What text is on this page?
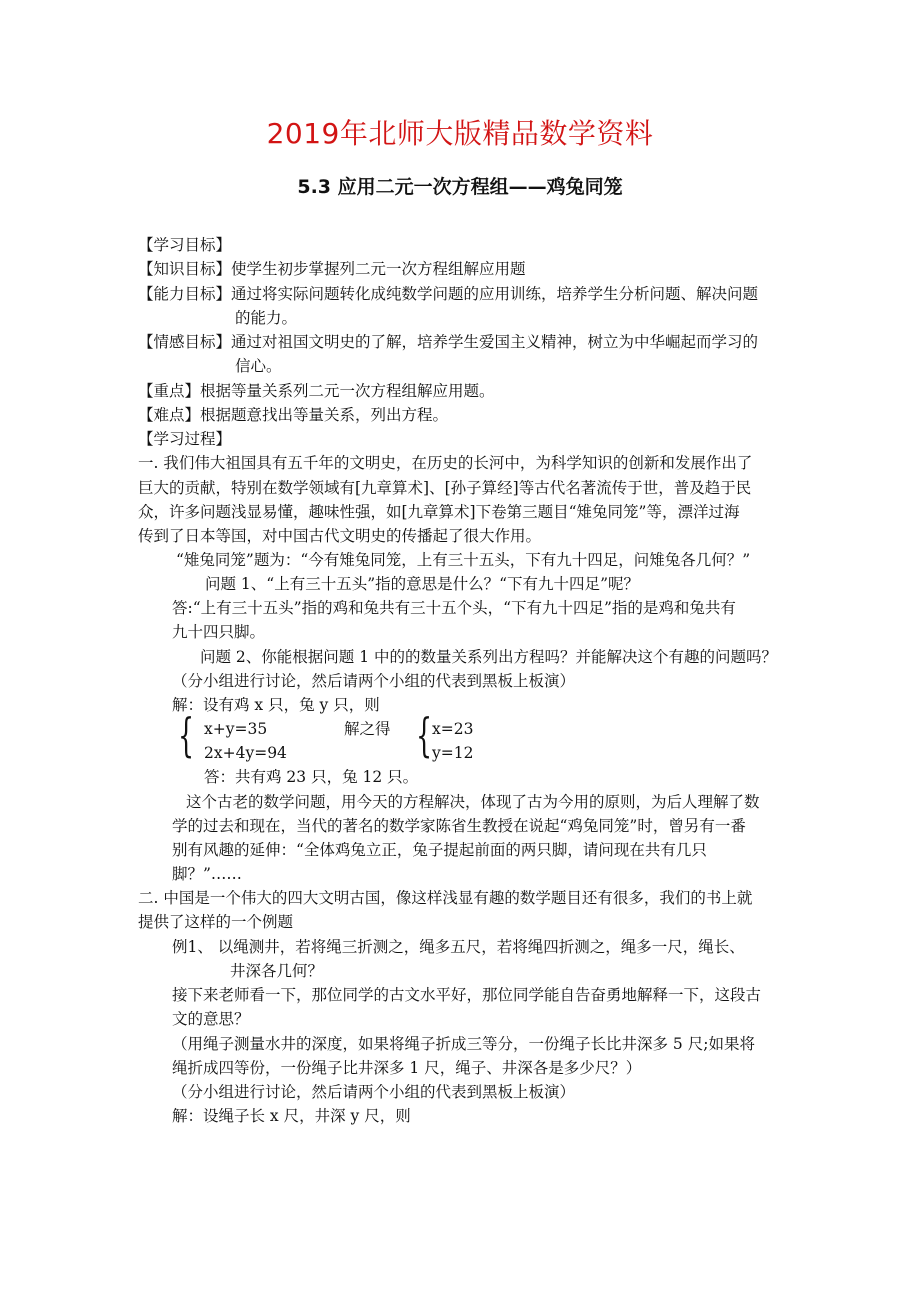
2019年北师大版精品数学资料
5.3 应用二元一次方程组——鸡兔同笼
【学习目标】
【知识目标】使学生初步掌握列二元一次方程组解应用题
【能力目标】通过将实际问题转化成纯数学问题的应用训练，培养学生分析问题、解决问题
的能力。
【情感目标】通过对祖国文明史的了解，培养学生爱国主义精神，树立为中华崛起而学习的
信心。
【重点】根据等量关系列二元一次方程组解应用题。
【难点】根据题意找出等量关系，列出方程。
【学习过程】
一. 我们伟大祖国具有五千年的文明史，在历史的长河中，为科学知识的创新和发展作出了
巨大的贡献，特别在数学领域有[九章算术]、[孙子算经]等古代名著流传于世，普及趋于民
众，许多问题浅显易懂，趣味性强，如[九章算术]下卷第三题目“雉兔同笼”等，漂洋过海
传到了日本等国，对中国古代文明史的传播起了很大作用。
“雉兔同笼”题为：“今有雉兔同笼，上有三十五头，下有九十四足，问雉兔各几何？”
问题 1、“上有三十五头”指的意思是什么？“下有九十四足”呢？
答:“上有三十五头”指的鸡和兔共有三十五个头，“下有九十四足”指的是鸡和兔共有
九十四只脚。
问题 2、你能根据问题 1 中的的数量关系列出方程吗？并能解决这个有趣的问题吗？
（分小组进行讨论，然后请两个小组的代表到黑板上板演）
解：设有鸡 x 只，兔 y 只，则
{ x+y=35
2x+4y=94
解之得 { x=23
y=12
答：共有鸡 23 只，兔 12 只。
这个古老的数学问题，用今天的方程解决，体现了古为今用的原则，为后人理解了数
学的过去和现在，当代的著名的数学家陈省生教授在说起“鸡兔同笼”时，曾另有一番
别有风趣的延伸：“全体鸡兔立正，兔子提起前面的两只脚，请问现在共有几只
脚？”……
二. 中国是一个伟大的四大文明古国，像这样浅显有趣的数学题目还有很多，我们的书上就
提供了这样的一个例题
例1、 以绳测井，若将绳三折测之，绳多五尺，若将绳四折测之，绳多一尺，绳长、
井深各几何？
接下来老师看一下，那位同学的古文水平好，那位同学能自告奋勇地解释一下，这段古
文的意思？
（用绳子测量水井的深度，如果将绳子折成三等分，一份绳子长比井深多 5 尺;如果将
绳折成四等份，一份绳子比井深多 1 尺，绳子、井深各是多少尺？）
（分小组进行讨论，然后请两个小组的代表到黑板上板演）
解：设绳子长 x 尺，井深 y 尺，则
